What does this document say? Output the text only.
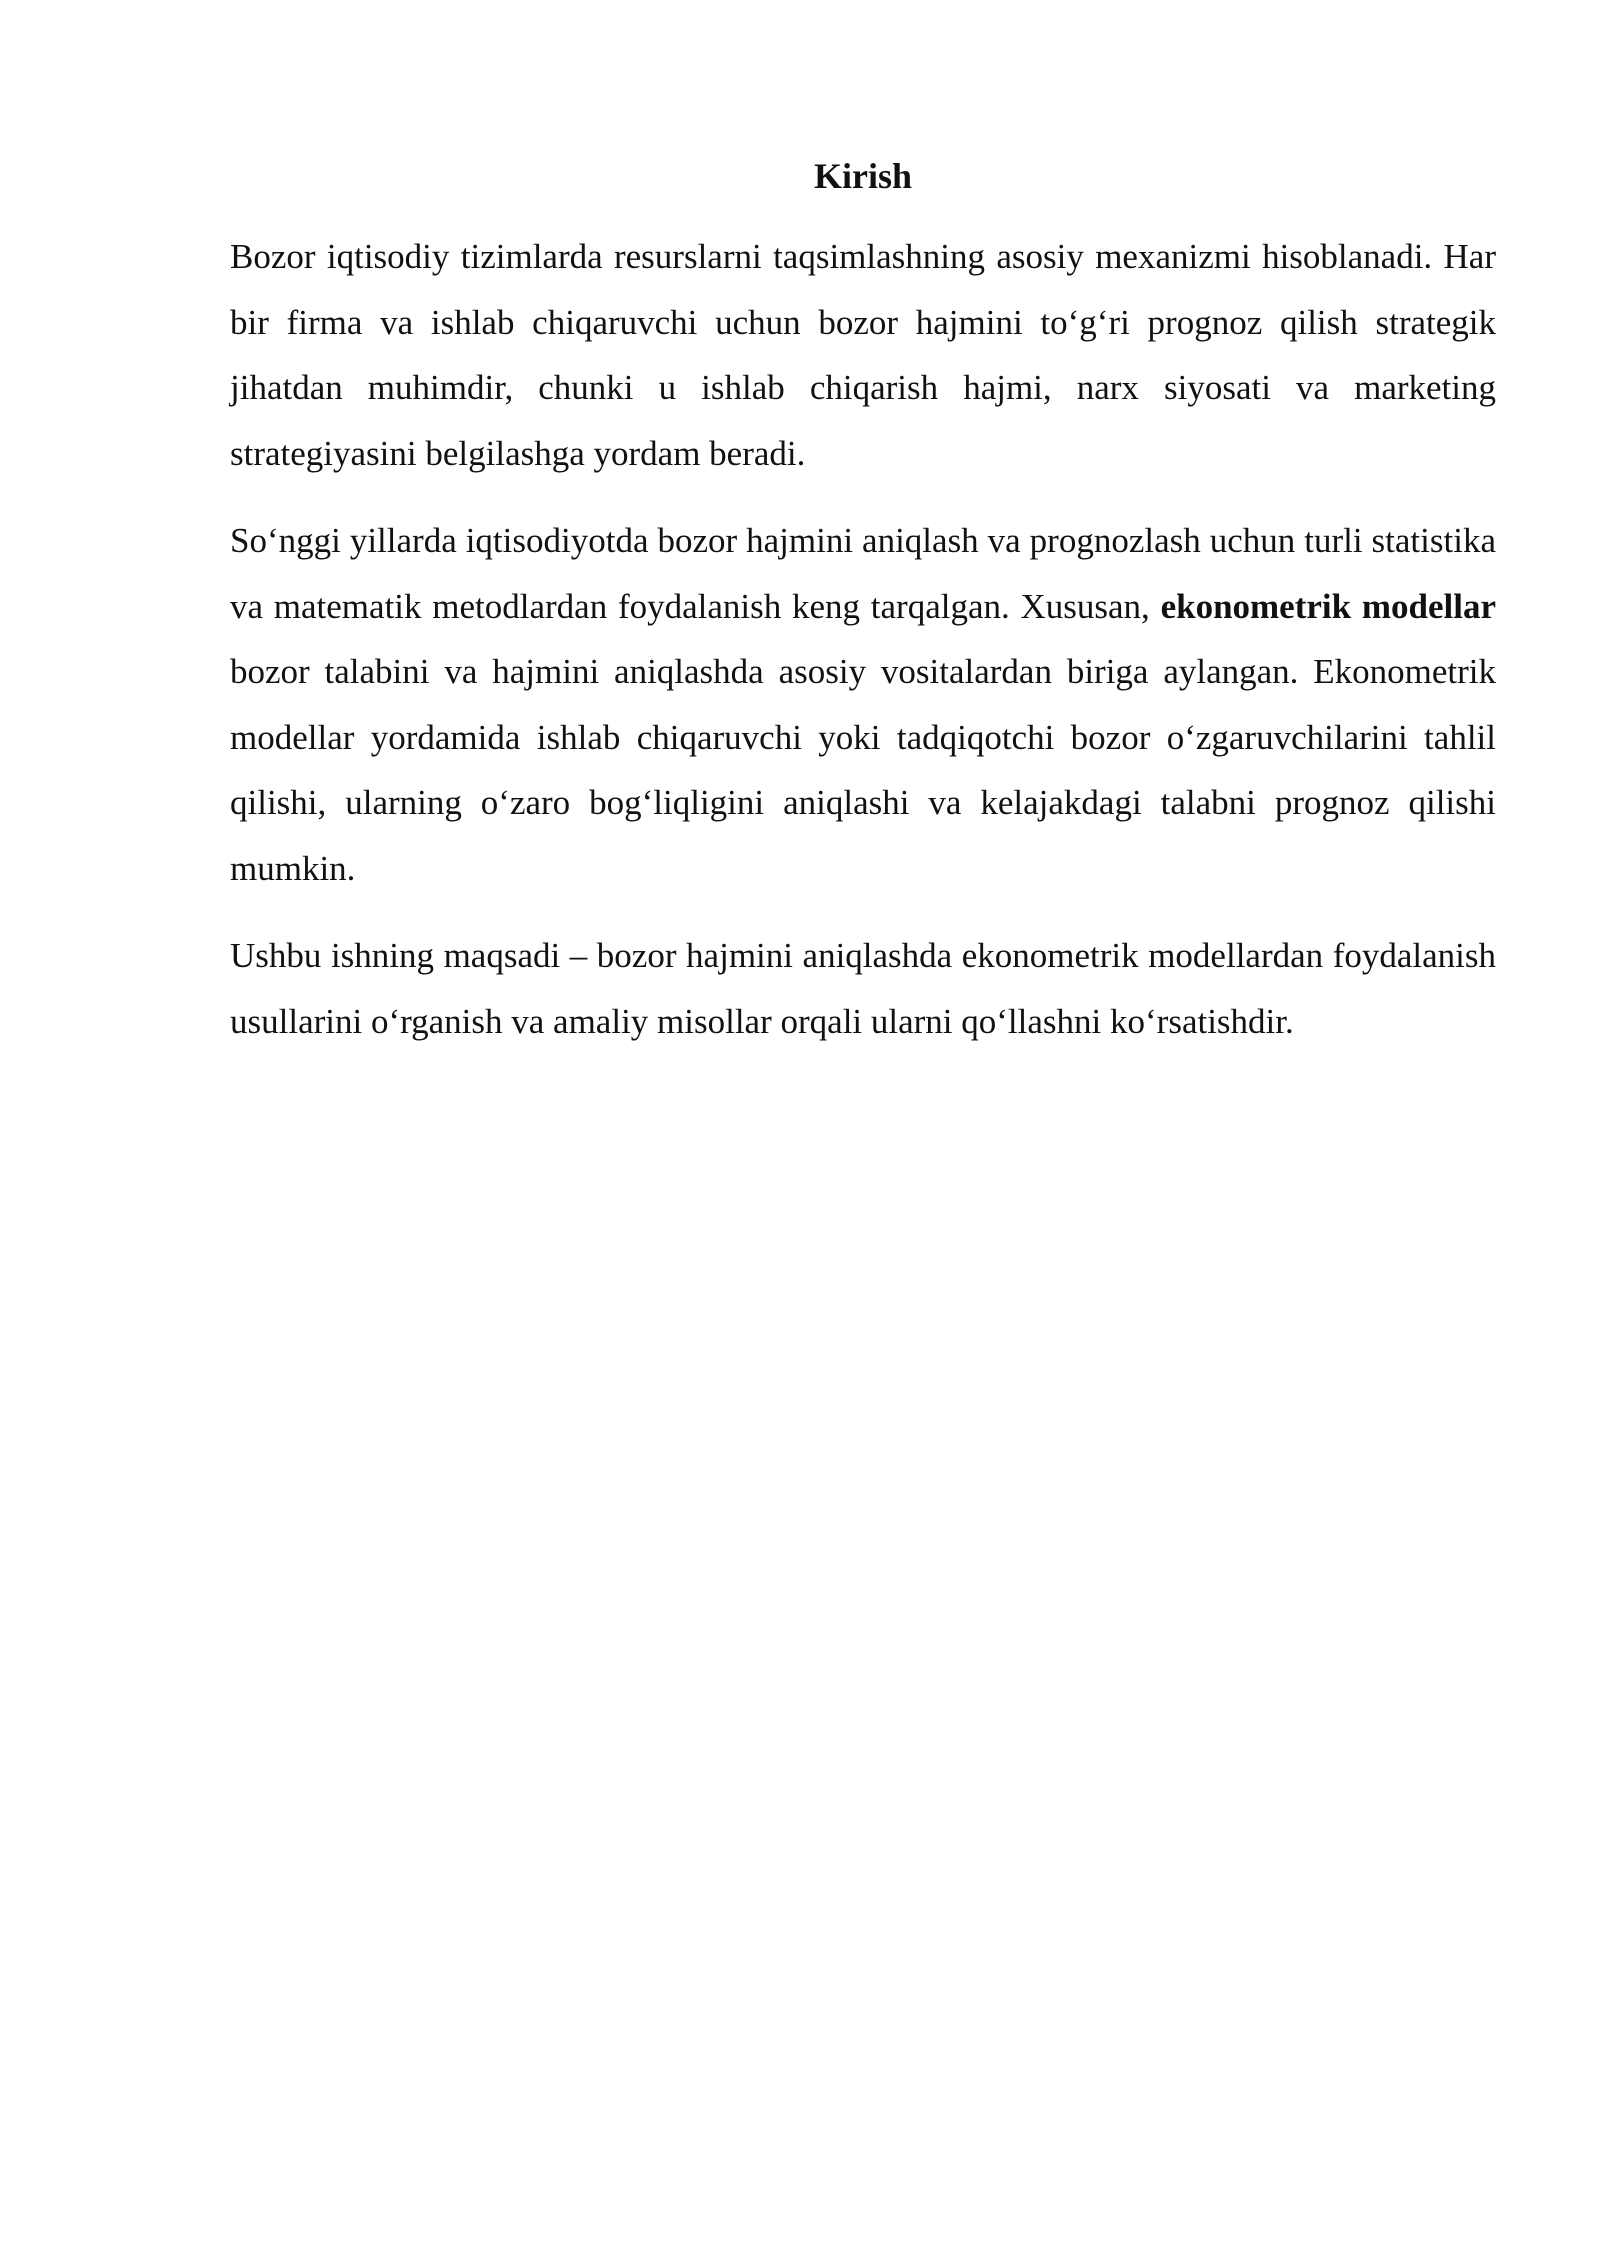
Kirish

Bozor iqtisodiy tizimlarda resurslarni taqsimlashning asosiy mexanizmi hisoblanadi. Har bir firma va ishlab chiqaruvchi uchun bozor hajmini to‘g‘ri prognoz qilish strategik jihatdan muhimdir, chunki u ishlab chiqarish hajmi, narx siyosati va marketing strategiyasini belgilashga yordam beradi.

So‘nggi yillarda iqtisodiyotda bozor hajmini aniqlash va prognozlash uchun turli statistika va matematik metodlardan foydalanish keng tarqalgan. Xususan, ekonometrik modellar bozor talabini va hajmini aniqlashda asosiy vositalardan biriga aylangan. Ekonometrik modellar yordamida ishlab chiqaruvchi yoki tadqiqotchi bozor o‘zgaruvchilarini tahlil qilishi, ularning o‘zaro bog‘liqligini aniqlashi va kelajakdagi talabni prognoz qilishi mumkin.

Ushbu ishning maqsadi – bozor hajmini aniqlashda ekonometrik modellardan foydalanish usullarini o‘rganish va amaliy misollar orqali ularni qo‘llashni ko‘rsatishdir.
